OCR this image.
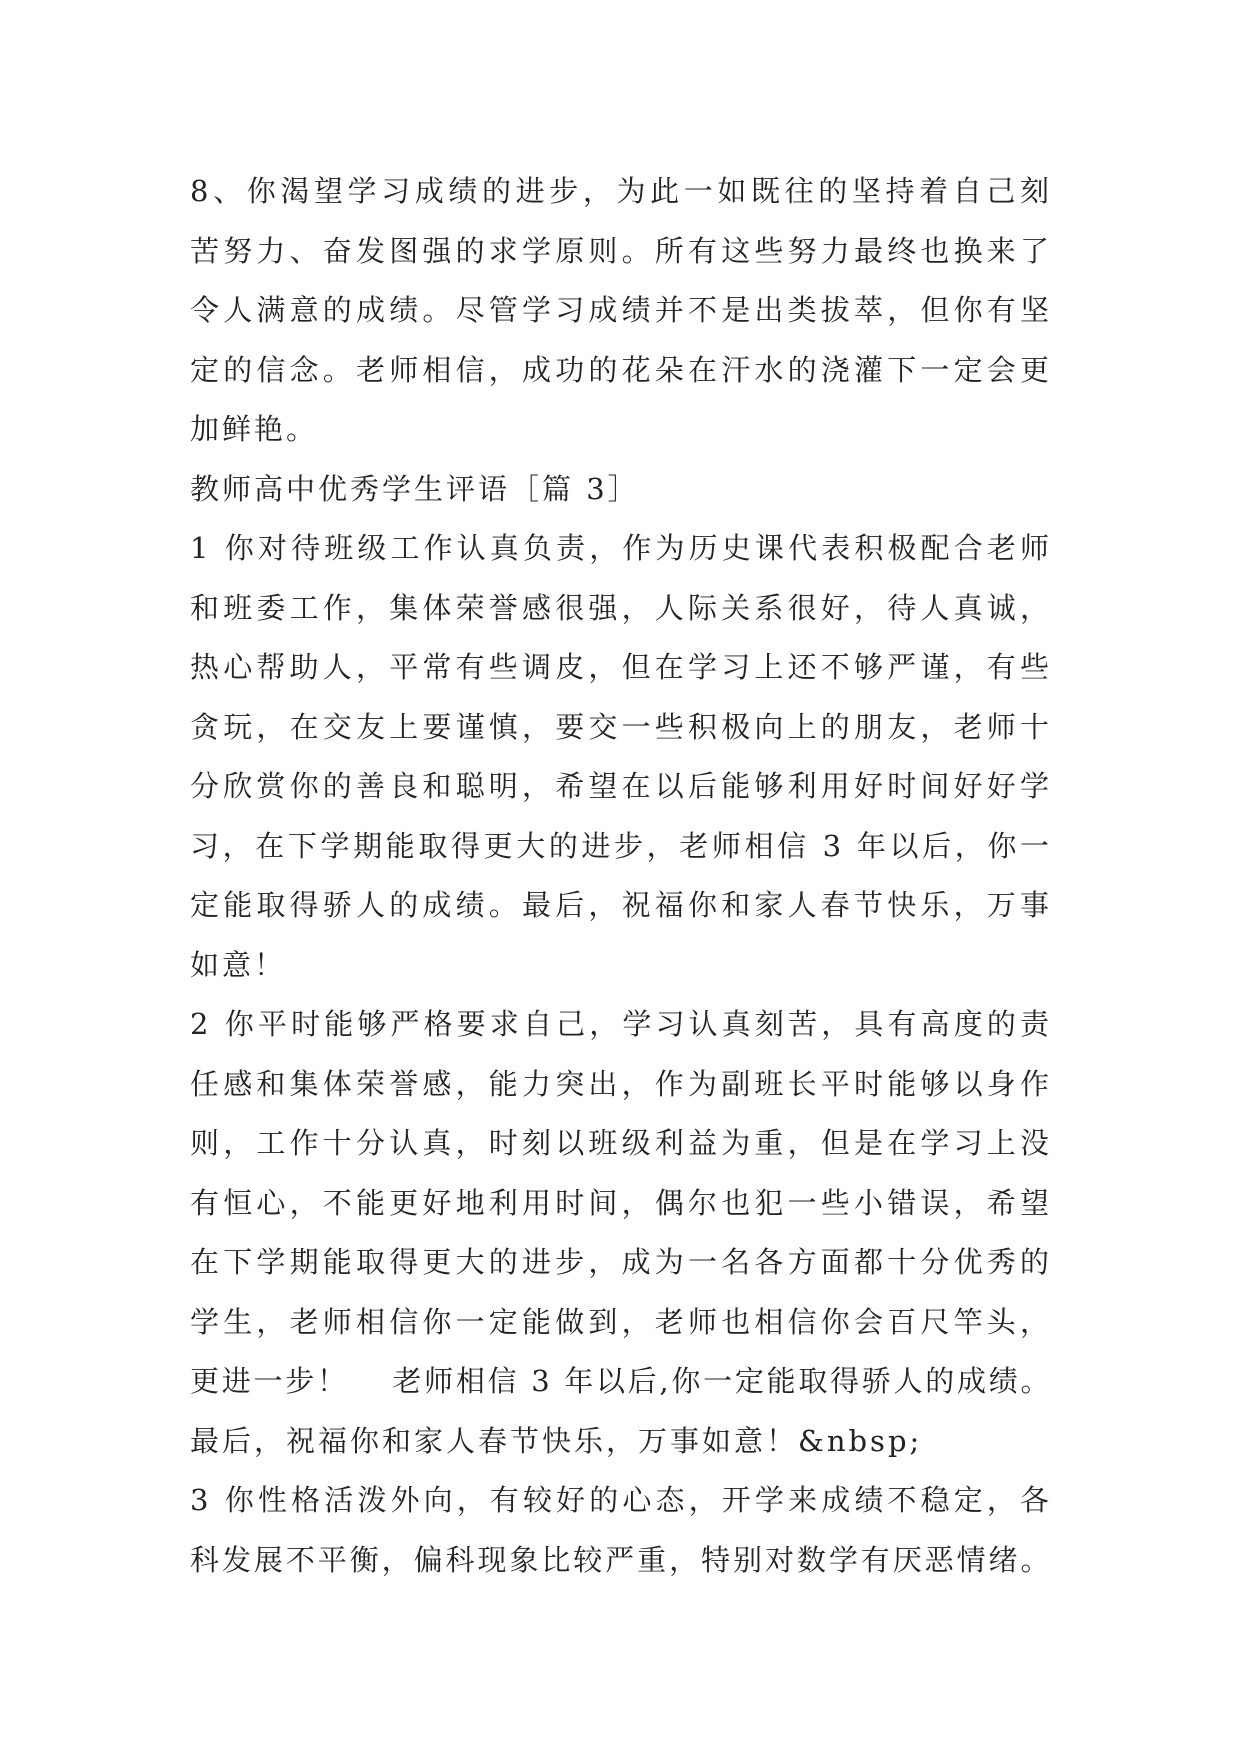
8、你渴望学习成绩的进步，为此一如既往的坚持着自己刻
苦努力、奋发图强的求学原则。所有这些努力最终也换来了
令人满意的成绩。尽管学习成绩并不是出类拔萃，但你有坚
定的信念。老师相信，成功的花朵在汗水的浇灌下一定会更
加鲜艳。
教师高中优秀学生评语［篇 3］
1 你对待班级工作认真负责，作为历史课代表积极配合老师
和班委工作，集体荣誉感很强，人际关系很好，待人真诚，
热心帮助人，平常有些调皮，但在学习上还不够严谨，有些
贪玩，在交友上要谨慎，要交一些积极向上的朋友，老师十
分欣赏你的善良和聪明，希望在以后能够利用好时间好好学
习，在下学期能取得更大的进步，老师相信 3 年以后，你一
定能取得骄人的成绩。最后，祝福你和家人春节快乐，万事
如意！
2 你平时能够严格要求自己，学习认真刻苦，具有高度的责
任感和集体荣誉感，能力突出，作为副班长平时能够以身作
则，工作十分认真，时刻以班级利益为重，但是在学习上没
有恒心，不能更好地利用时间，偶尔也犯一些小错误，希望
在下学期能取得更大的进步，成为一名各方面都十分优秀的
学生，老师相信你一定能做到，老师也相信你会百尺竿头，
更进一步！　 老师相信 3 年以后,你一定能取得骄人的成绩。
最后，祝福你和家人春节快乐，万事如意！&nbsp;
3 你性格活泼外向，有较好的心态，开学来成绩不稳定，各
科发展不平衡，偏科现象比较严重，特别对数学有厌恶情绪。
